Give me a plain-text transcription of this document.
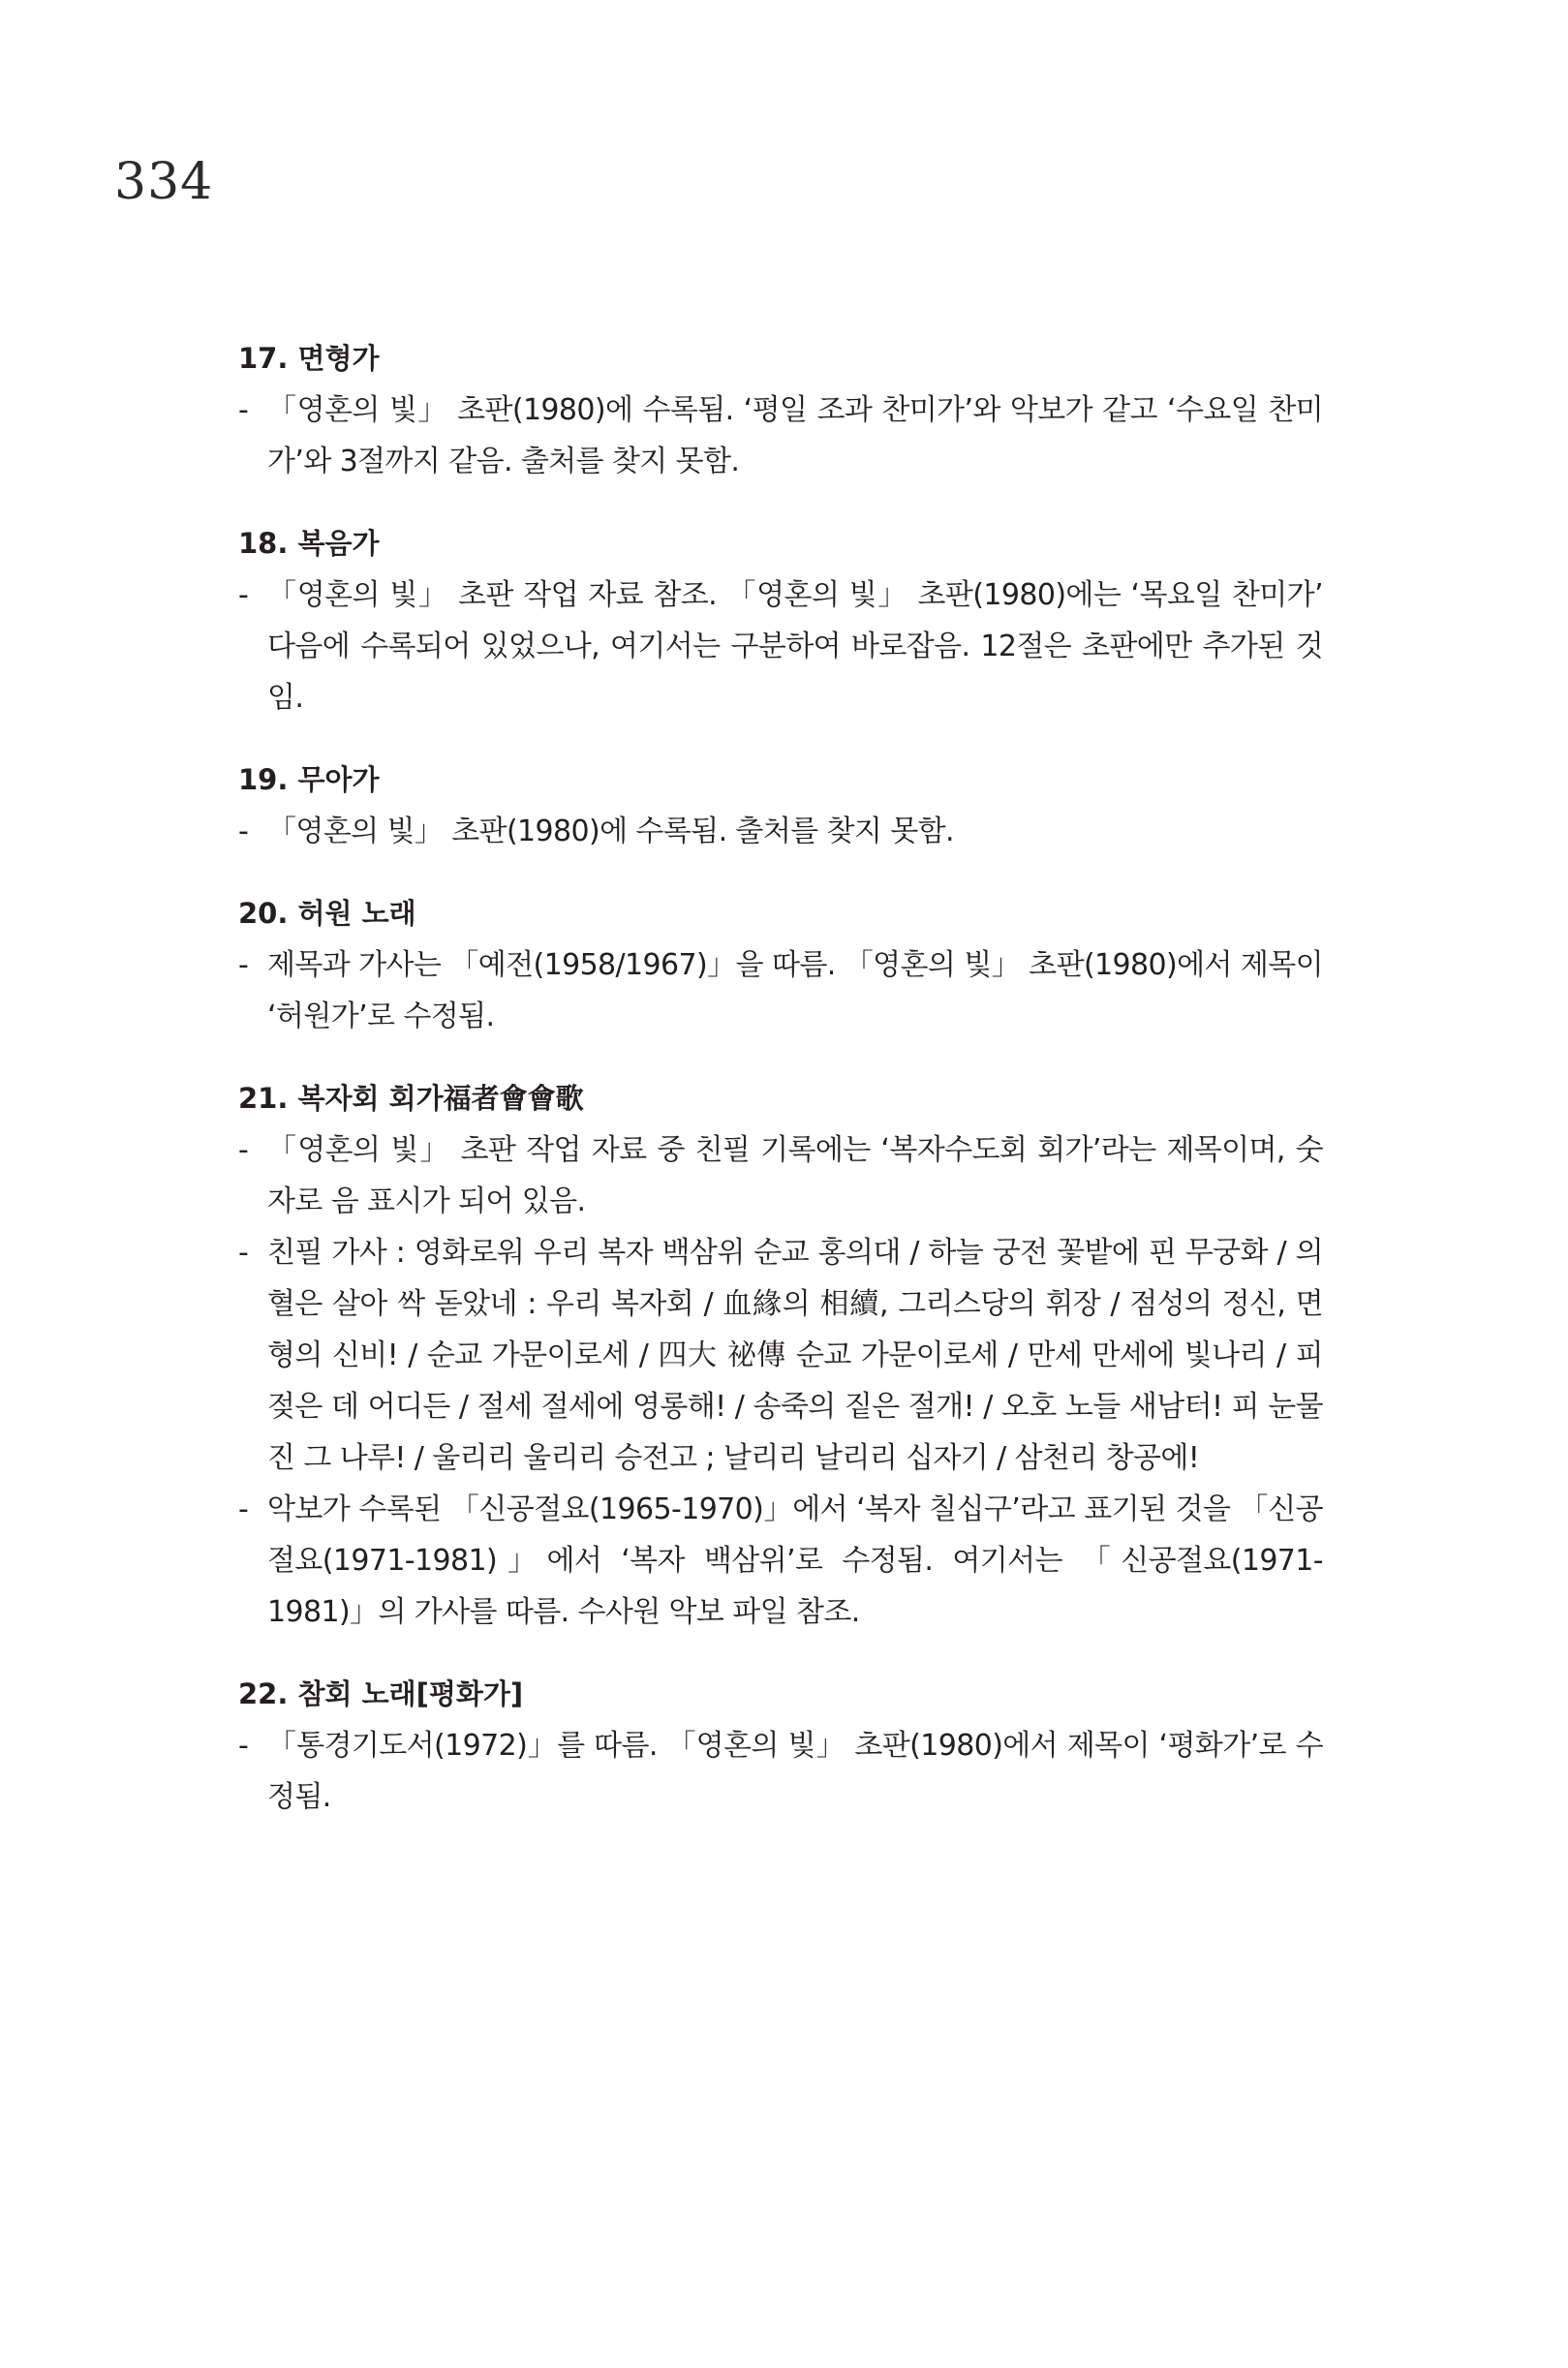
334

17. 면형가

- 「영혼의 빛」 초판(1980)에 수록됨. ‘평일 조과 찬미가’와 악보가 같고 ‘수요일 찬미가’와 3절까지 같음. 출처를 찾지 못함.

18. 복음가

- 「영혼의 빛」 초판 작업 자료 참조. 「영혼의 빛」 초판(1980)에는 ‘목요일 찬미가’ 다음에 수록되어 있었으나, 여기서는 구분하여 바로잡음. 12절은 초판에만 추가된 것임.

19. 무아가

- 「영혼의 빛」 초판(1980)에 수록됨. 출처를 찾지 못함.

20. 허원 노래

- 제목과 가사는 「예전(1958/1967)」을 따름. 「영혼의 빛」 초판(1980)에서 제목이 ‘허원가’로 수정됨.

21. 복자회 회가福者會會歌

- 「영혼의 빛」 초판 작업 자료 중 친필 기록에는 ‘복자수도회 회가’라는 제목이며, 숫자로 음 표시가 되어 있음.

- 친필 가사 : 영화로워 우리 복자 백삼위 순교 홍의대 / 하늘 궁전 꽃밭에 핀 무궁화 / 의혈은 살아 싹 돋았네 : 우리 복자회 / 血緣의 相續, 그리스당의 휘장 / 점성의 정신, 면형의 신비! / 순교 가문이로세 / 四大 祕傳 순교 가문이로세 / 만세 만세에 빛나리 / 피 젖은 데 어디든 / 절세 절세에 영롱해! / 송죽의 짙은 절개! / 오호 노들 새남터! 피 눈물진 그 나루! / 울리리 울리리 승전고 ; 날리리 날리리 십자기 / 삼천리 창공에!

- 악보가 수록된 「신공절요(1965-1970)」에서 ‘복자 칠십구’라고 표기된 것을 「신공절요(1971-1981)」에서 ‘복자 백삼위’로 수정됨. 여기서는 「신공절요(1971-1981)」의 가사를 따름. 수사원 악보 파일 참조.

22. 참회 노래[평화가]

- 「통경기도서(1972)」를 따름. 「영혼의 빛」 초판(1980)에서 제목이 ‘평화가’로 수정됨.
